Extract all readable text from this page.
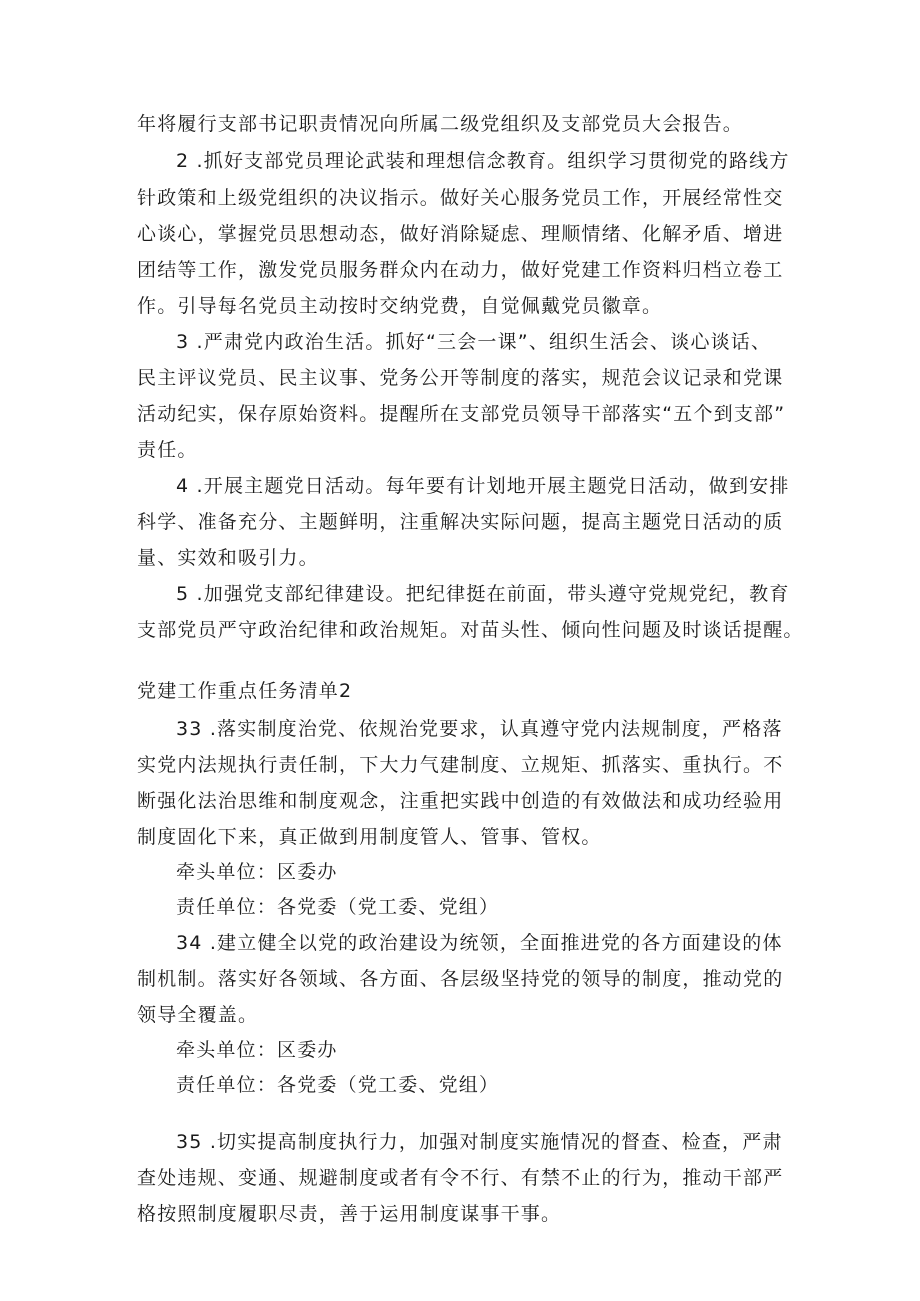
年将履行支部书记职责情况向所属二级党组织及支部党员大会报告。
2 .抓好支部党员理论武装和理想信念教育。组织学习贯彻党的路线方
针政策和上级党组织的决议指示。做好关心服务党员工作，开展经常性交
心谈心，掌握党员思想动态，做好消除疑虑、理顺情绪、化解矛盾、增进
团结等工作，激发党员服务群众内在动力，做好党建工作资料归档立卷工
作。引导每名党员主动按时交纳党费，自觉佩戴党员徽章。
3 .严肃党内政治生活。抓好“三会一课”、组织生活会、谈心谈话、
民主评议党员、民主议事、党务公开等制度的落实，规范会议记录和党课
活动纪实，保存原始资料。提醒所在支部党员领导干部落实“五个到支部”
责任。
4 .开展主题党日活动。每年要有计划地开展主题党日活动，做到安排
科学、准备充分、主题鲜明，注重解决实际问题，提高主题党日活动的质
量、实效和吸引力。
5 .加强党支部纪律建设。把纪律挺在前面，带头遵守党规党纪，教育
支部党员严守政治纪律和政治规矩。对苗头性、倾向性问题及时谈话提醒。
党建工作重点任务清单2
33 .落实制度治党、依规治党要求，认真遵守党内法规制度，严格落
实党内法规执行责任制，下大力气建制度、立规矩、抓落实、重执行。不
断强化法治思维和制度观念，注重把实践中创造的有效做法和成功经验用
制度固化下来，真正做到用制度管人、管事、管权。
牵头单位：区委办
责任单位：各党委（党工委、党组）
34 .建立健全以党的政治建设为统领，全面推进党的各方面建设的体
制机制。落实好各领域、各方面、各层级坚持党的领导的制度，推动党的
领导全覆盖。
牵头单位：区委办
责任单位：各党委（党工委、党组）
35 .切实提高制度执行力，加强对制度实施情况的督查、检查，严肃
查处违规、变通、规避制度或者有令不行、有禁不止的行为，推动干部严
格按照制度履职尽责，善于运用制度谋事干事。
